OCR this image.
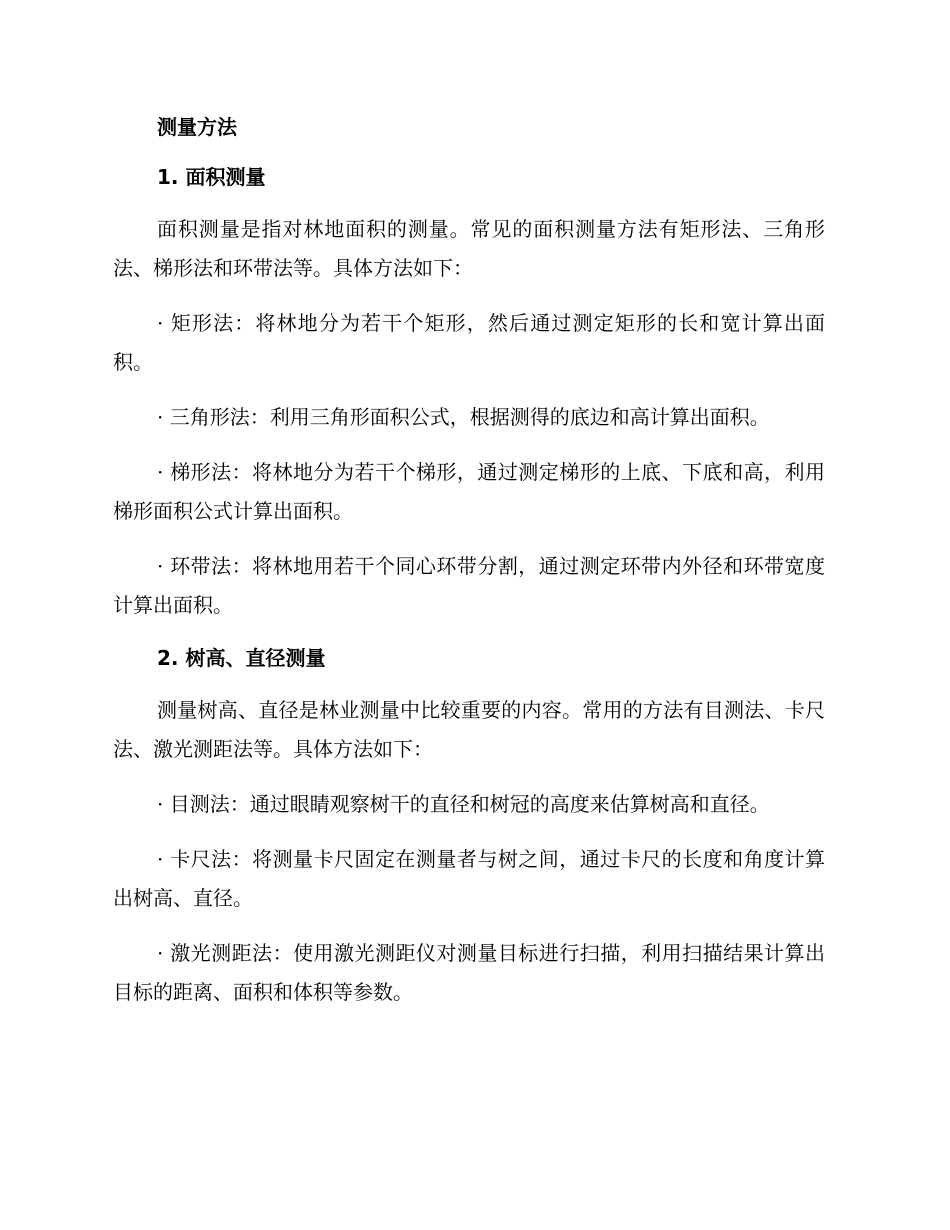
测量方法

1. 面积测量

面积测量是指对林地面积的测量。常见的面积测量方法有矩形法、三角形法、梯形法和环带法等。具体方法如下：

· 矩形法：将林地分为若干个矩形，然后通过测定矩形的长和宽计算出面积。

· 三角形法：利用三角形面积公式，根据测得的底边和高计算出面积。

· 梯形法：将林地分为若干个梯形，通过测定梯形的上底、下底和高，利用梯形面积公式计算出面积。

· 环带法：将林地用若干个同心环带分割，通过测定环带内外径和环带宽度计算出面积。

2. 树高、直径测量

测量树高、直径是林业测量中比较重要的内容。常用的方法有目测法、卡尺法、激光测距法等。具体方法如下：

· 目测法：通过眼睛观察树干的直径和树冠的高度来估算树高和直径。

· 卡尺法：将测量卡尺固定在测量者与树之间，通过卡尺的长度和角度计算出树高、直径。

· 激光测距法：使用激光测距仪对测量目标进行扫描，利用扫描结果计算出目标的距离、面积和体积等参数。
